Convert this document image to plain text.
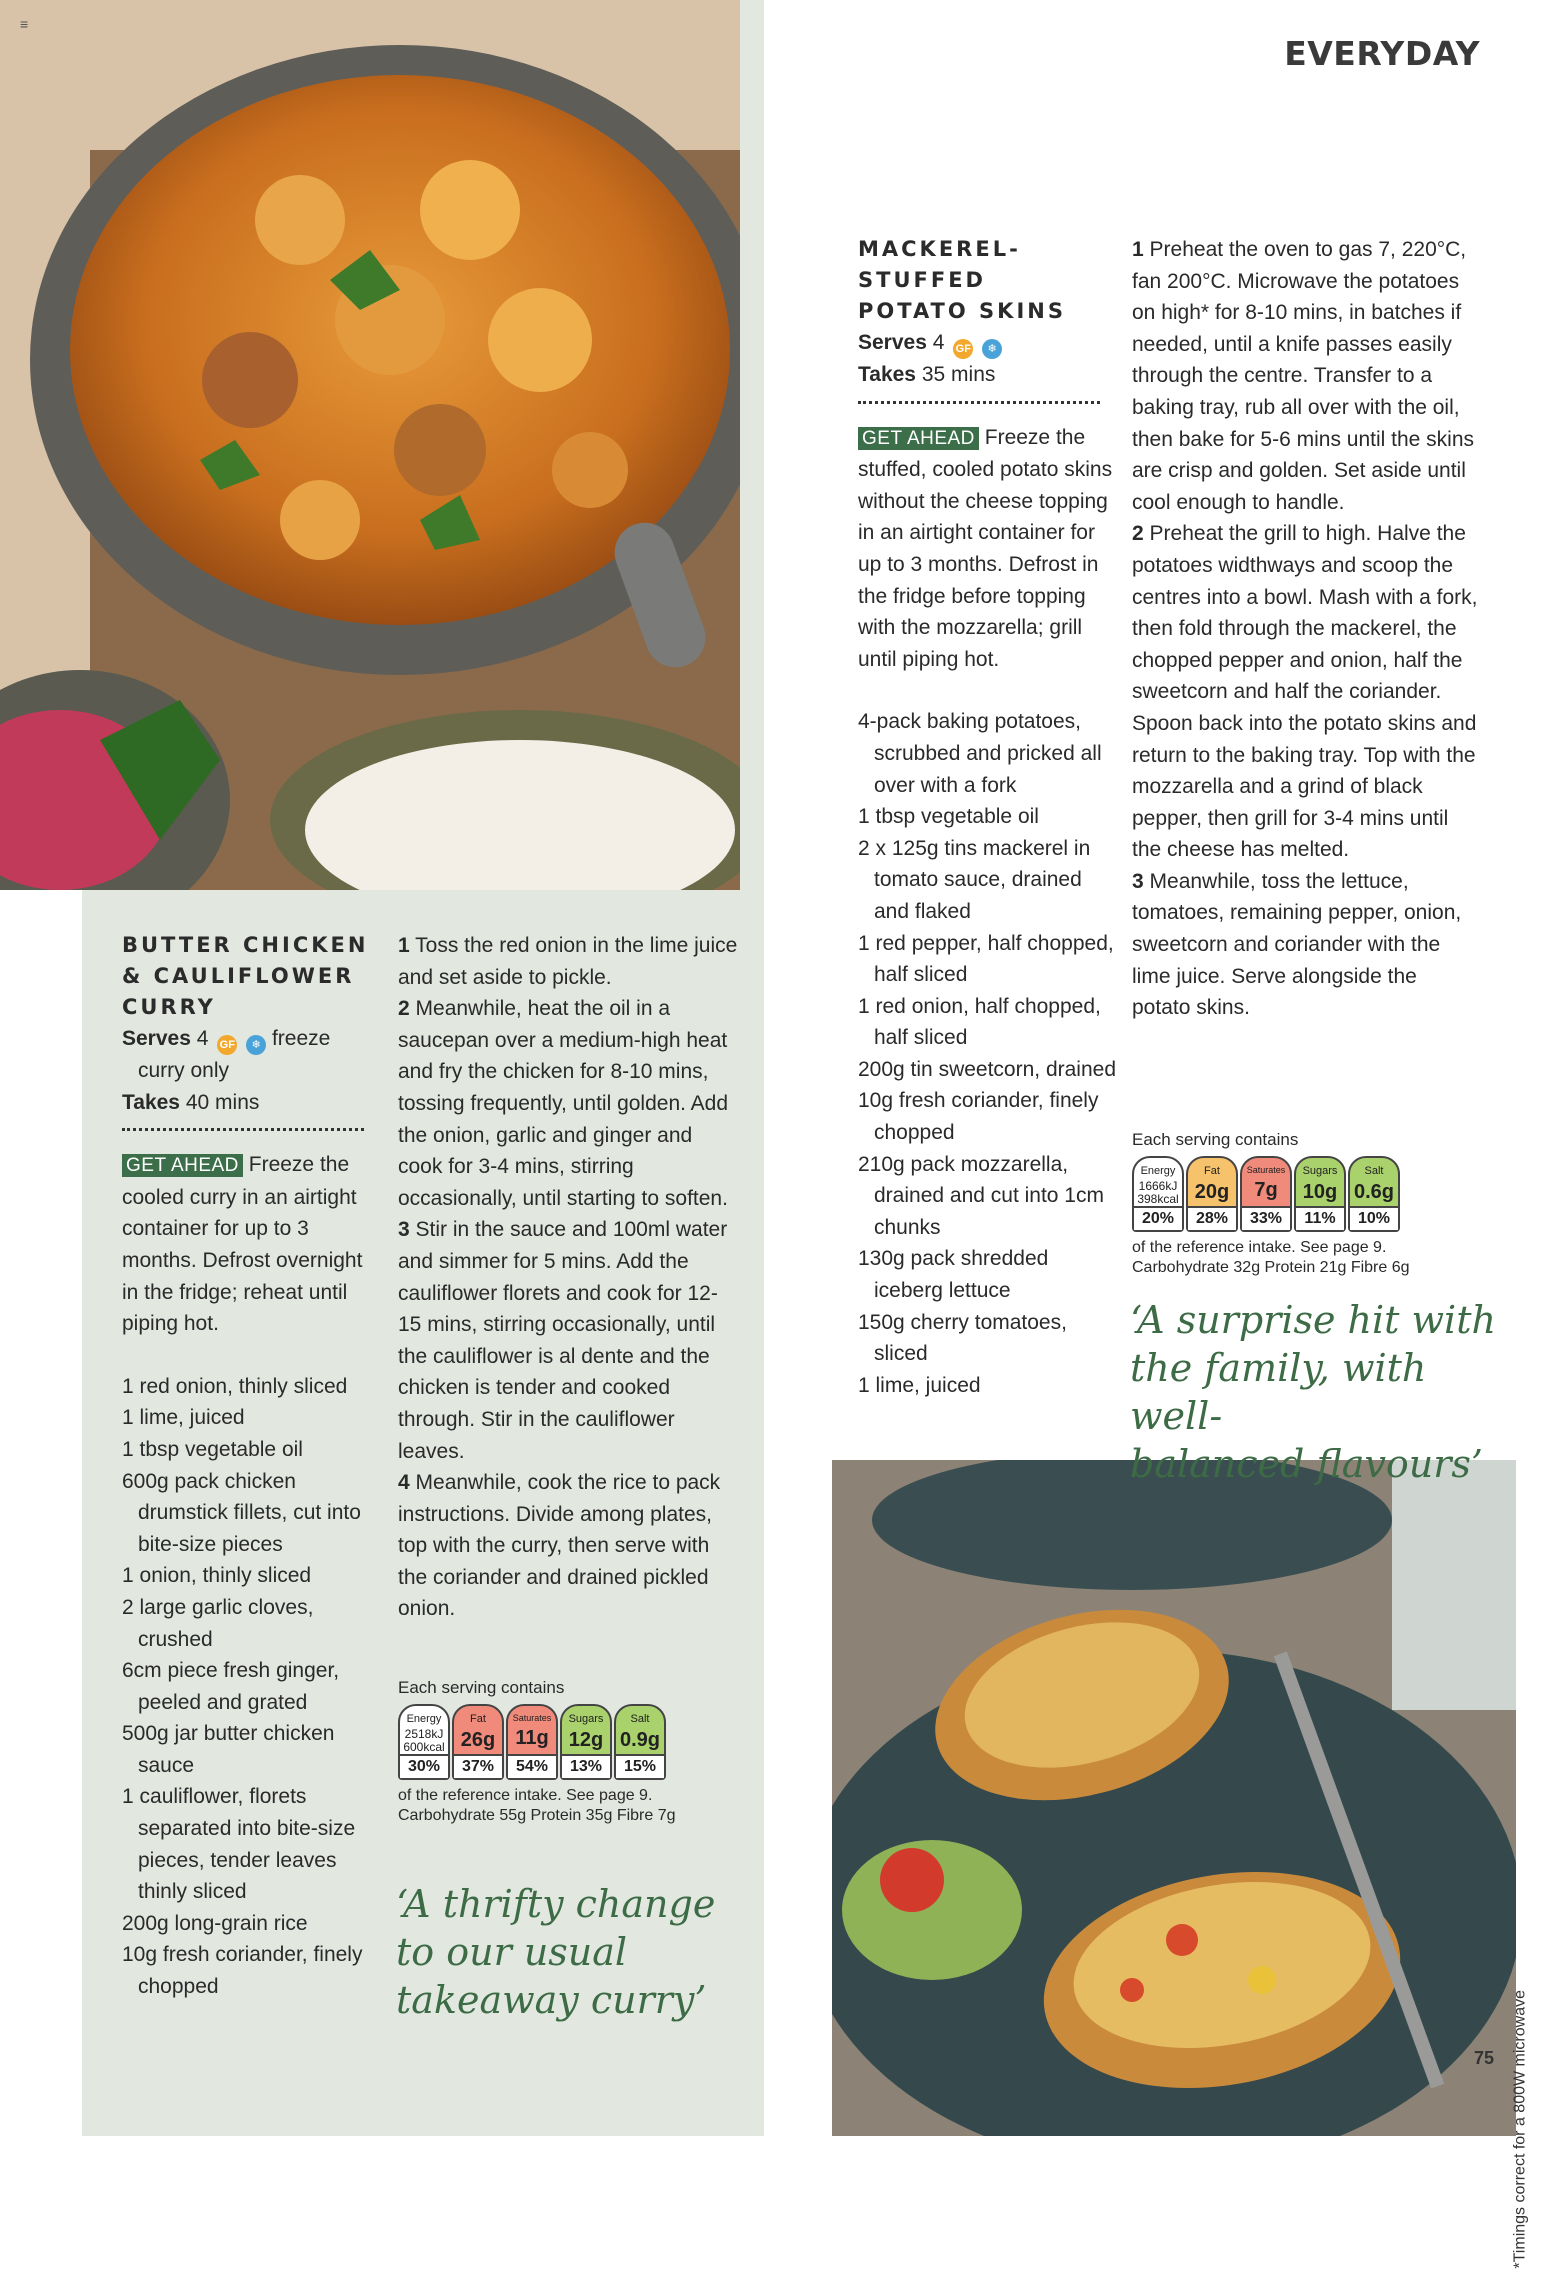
≡
EVERYDAY
BUTTER CHICKEN
& CAULIFLOWER
CURRY
Serves 4 GF ❄ freeze
curry only
Takes 40 mins
GET AHEAD Freeze the cooled curry in an airtight container for up to 3 months. Defrost overnight in the fridge; reheat until piping hot.
1 red onion, thinly sliced
1 lime, juiced
1 tbsp vegetable oil
600g pack chicken drumstick fillets, cut into bite-size pieces
1 onion, thinly sliced
2 large garlic cloves, crushed
6cm piece fresh ginger, peeled and grated
500g jar butter chicken sauce
1 cauliflower, florets separated into bite-size pieces, tender leaves thinly sliced
200g long-grain rice
10g fresh coriander, finely chopped
1 Toss the red onion in the lime juice and set aside to pickle.
2 Meanwhile, heat the oil in a saucepan over a medium-high heat and fry the chicken for 8-10 mins, tossing frequently, until golden. Add the onion, garlic and ginger and cook for 3-4 mins, stirring occasionally, until starting to soften.
3 Stir in the sauce and 100ml water and simmer for 5 mins. Add the cauliflower florets and cook for 12-15 mins, stirring occasionally, until the cauliflower is al dente and the chicken is tender and cooked through. Stir in the cauliflower leaves.
4 Meanwhile, cook the rice to pack instructions. Divide among plates, top with the curry, then serve with the coriander and drained pickled onion.
Each serving contains
Energy
2518kJ
600kcal
30%
Fat
26g
37%
Saturates
11g
54%
Sugars
12g
13%
Salt
0.9g
15%
of the reference intake. See page 9.
Carbohydrate 55g Protein 35g Fibre 7g
‘A thrifty change
to our usual
takeaway curry’
MACKEREL-STUFFED
POTATO SKINS
Serves 4 GF ❄
Takes 35 mins
GET AHEAD Freeze the stuffed, cooled potato skins without the cheese topping in an airtight container for up to 3 months. Defrost in the fridge before topping with the mozzarella; grill until piping hot.
4-pack baking potatoes, scrubbed and pricked all over with a fork
1 tbsp vegetable oil
2 x 125g tins mackerel in tomato sauce, drained and flaked
1 red pepper, half chopped, half sliced
1 red onion, half chopped, half sliced
200g tin sweetcorn, drained
10g fresh coriander, finely chopped
210g pack mozzarella, drained and cut into 1cm chunks
130g pack shredded iceberg lettuce
150g cherry tomatoes, sliced
1 lime, juiced
1 Preheat the oven to gas 7, 220°C, fan 200°C. Microwave the potatoes on high* for 8-10 mins, in batches if needed, until a knife passes easily through the centre. Transfer to a baking tray, rub all over with the oil, then bake for 5-6 mins until the skins are crisp and golden. Set aside until cool enough to handle.
2 Preheat the grill to high. Halve the potatoes widthways and scoop the centres into a bowl. Mash with a fork, then fold through the mackerel, the chopped pepper and onion, half the sweetcorn and half the coriander. Spoon back into the potato skins and return to the baking tray. Top with the mozzarella and a grind of black pepper, then grill for 3-4 mins until the cheese has melted.
3 Meanwhile, toss the lettuce, tomatoes, remaining pepper, onion, sweetcorn and coriander with the lime juice. Serve alongside the potato skins.
Each serving contains
Energy
1666kJ
398kcal
20%
Fat
20g
28%
Saturates
7g
33%
Sugars
10g
11%
Salt
0.6g
10%
of the reference intake. See page 9.
Carbohydrate 32g Protein 21g Fibre 6g
‘A surprise hit with
the family, with well-
balanced flavours’
*Timings correct for a 800W microwave
75
